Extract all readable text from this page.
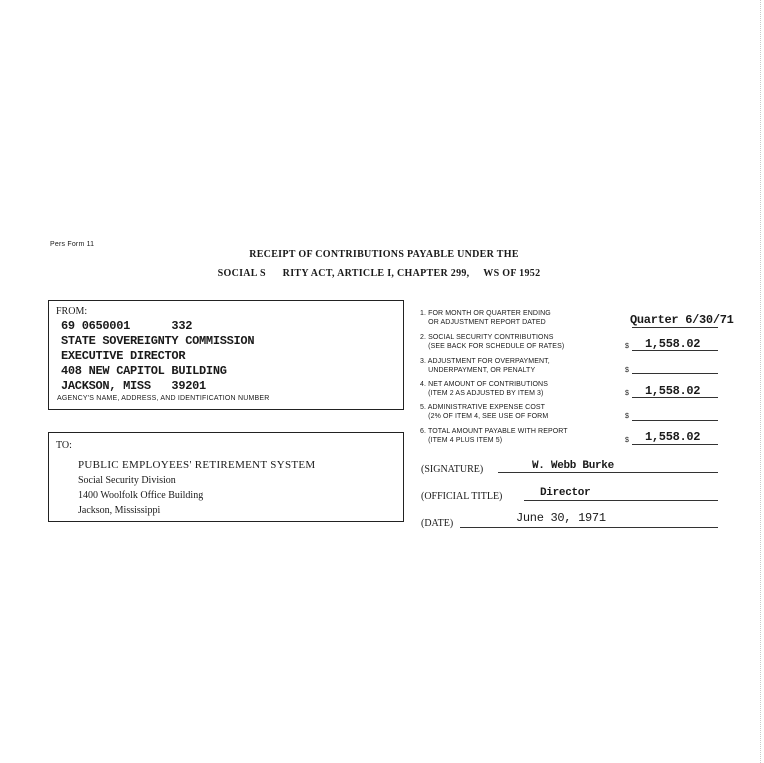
Pers Form 11
RECEIPT OF CONTRIBUTIONS PAYABLE UNDER THE
SOCIAL S      RITY ACT, ARTICLE I, CHAPTER 299,     WS OF 1952
FROM:
69 0650001      332
STATE SOVEREIGNTY COMMISSION
EXECUTIVE DIRECTOR
408 NEW CAPITOL BUILDING
JACKSON, MISS   39201
AGENCY'S NAME, ADDRESS, AND IDENTIFICATION NUMBER
TO:
PUBLIC EMPLOYEES' RETIREMENT SYSTEM
Social Security Division
1400 Woolfolk Office Building
Jackson, Mississippi
1. FOR MONTH OR QUARTER ENDING
OR ADJUSTMENT REPORT DATED	Quarter 6/30/71
2. SOCIAL SECURITY CONTRIBUTIONS
(SEE BACK FOR SCHEDULE OF RATES)	$ 1,558.02
3. ADJUSTMENT FOR OVERPAYMENT,
UNDERPAYMENT, OR PENALTY	$
4. NET AMOUNT OF CONTRIBUTIONS
(ITEM 2 AS ADJUSTED BY ITEM 3)	$ 1,558.02
5. ADMINISTRATIVE EXPENSE COST
(2% OF ITEM 4, SEE USE OF FORM	$
6. TOTAL AMOUNT PAYABLE WITH REPORT
(ITEM 4 PLUS ITEM 5)	$ 1,558.02
(SIGNATURE)	W. Webb Burke
(OFFICIAL TITLE)	Director
(DATE)	June 30, 1971
